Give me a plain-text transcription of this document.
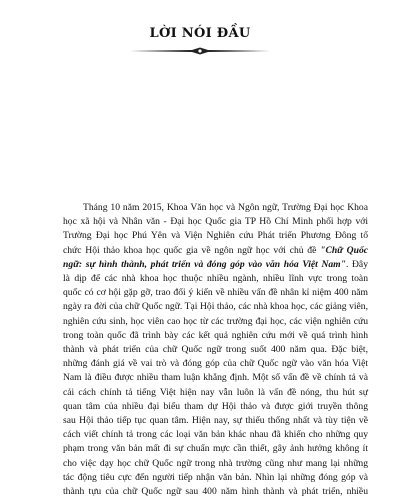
LỜI NÓI ĐẦU
Tháng 10 năm 2015, Khoa Văn học và Ngôn ngữ, Trường Đại học Khoa
học xã hội và Nhân văn - Đại học Quốc gia TP Hồ Chí Minh phối hợp với
Trường Đại học Phú Yên và Viện Nghiên cứu Phát triển Phương Đông tổ
chức Hội thảo khoa học quốc gia về ngôn ngữ học với chủ đề "Chữ Quốc
ngữ: sự hình thành, phát triển và đóng góp vào văn hóa Việt Nam". Đây
là dịp để các nhà khoa học thuộc nhiều ngành, nhiều lĩnh vực trong toàn
quốc có cơ hội gặp gỡ, trao đổi ý kiến về nhiều vấn đề nhân kỉ niệm 400 năm
ngày ra đời của chữ Quốc ngữ. Tại Hội thảo, các nhà khoa học, các giảng viên,
nghiên cứu sinh, học viên cao học từ các trường đại học, các viện nghiên cứu
trong toàn quốc đã trình bày các kết quả nghiên cứu mới về quá trình hình
thành và phát triển của chữ Quốc ngữ trong suốt 400 năm qua. Đặc biệt,
những đánh giá về vai trò và đóng góp của chữ Quốc ngữ vào văn hóa Việt
Nam là điều được nhiều tham luận khẳng định. Một số vấn đề về chính tả và
cải cách chính tả tiếng Việt hiện nay vẫn luôn là vấn đề nóng, thu hút sự
quan tâm của nhiều đại biểu tham dự Hội thảo và được giới truyền thông
sau Hội thảo tiếp tục quan tâm. Hiện nay, sự thiếu thống nhất và tùy tiện về
cách viết chính tả trong các loại văn bản khác nhau đã khiến cho những quy
phạm trong văn bản mất đi sự chuẩn mực cần thiết, gây ảnh hưởng không ít
cho việc dạy học chữ Quốc ngữ trong nhà trường cũng như mang lại những
tác động tiêu cực đến người tiếp nhận văn bản. Nhìn lại những đóng góp và
thành tựu của chữ Quốc ngữ sau 400 năm hình thành và phát triển, nhiều
